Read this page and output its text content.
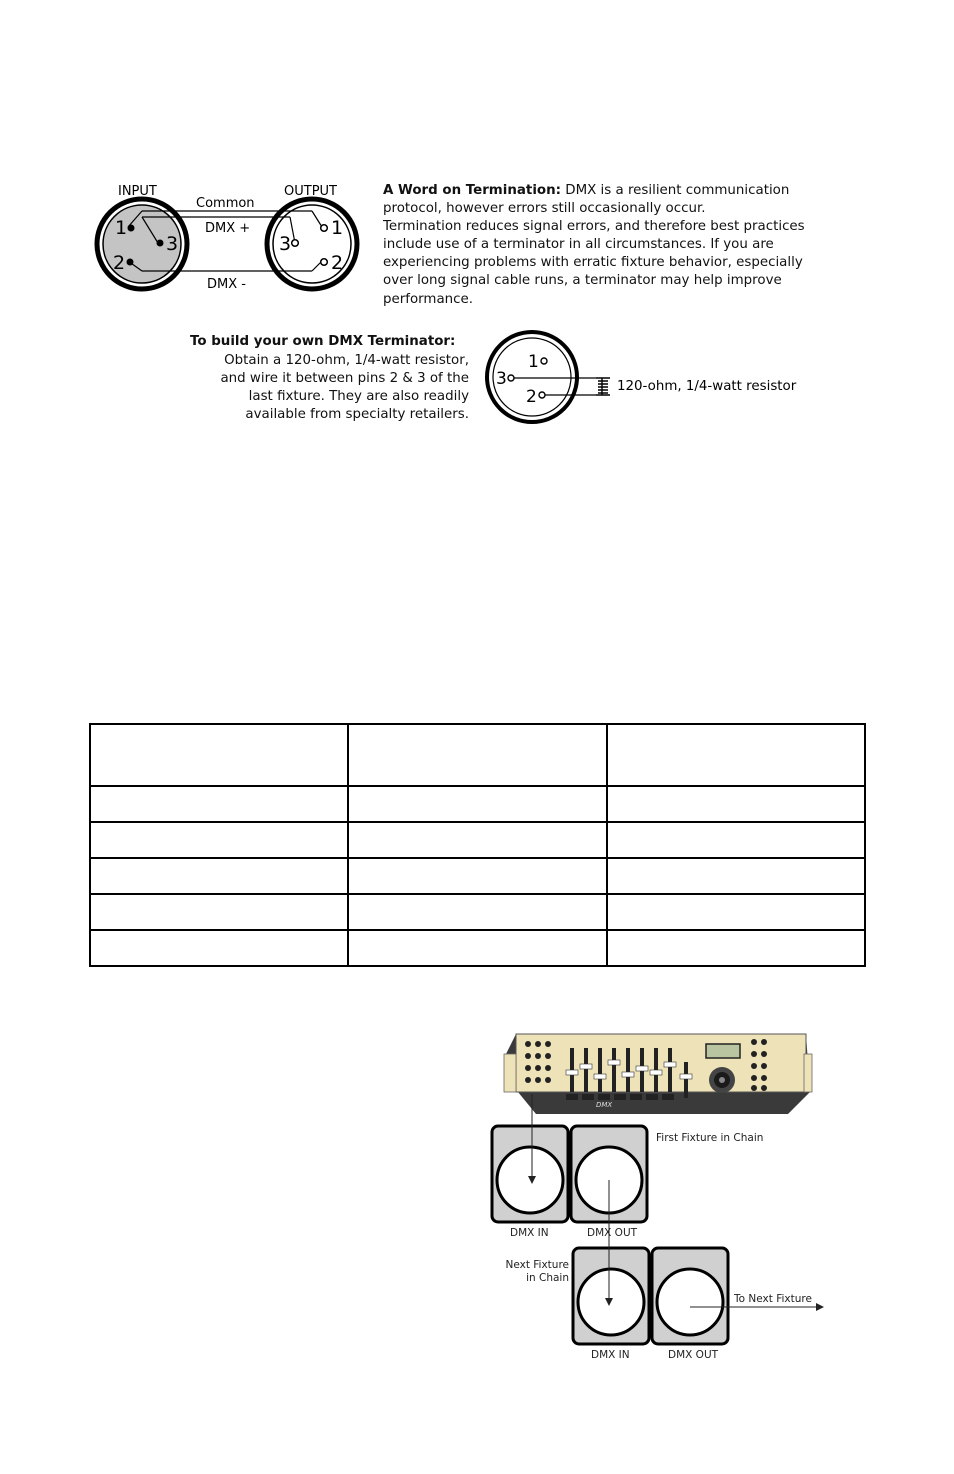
INPUT	OUTPUT
Common
DMX +
DMX -
1
3
2
3
1
2
A Word on Termination: DMX is a resilient communication
protocol, however errors still occasionally occur.
Termination reduces signal errors, and therefore best practices
include use of a terminator in all circumstances. If you are
experiencing problems with erratic fixture behavior, especially
over long signal cable runs, a terminator may help improve
performance.
To build your own DMX Terminator:
Obtain a 120-ohm, 1/4-watt resistor,
and wire it between pins 2 & 3 of the
last fixture. They are also readily
available from specialty retailers.
1
3
2
120-ohm, 1/4-watt resistor

DMX
First Fixture in Chain
DMX IN	DMX OUT
Next Fixture
in Chain
DMX IN	DMX OUT
To Next Fixture
